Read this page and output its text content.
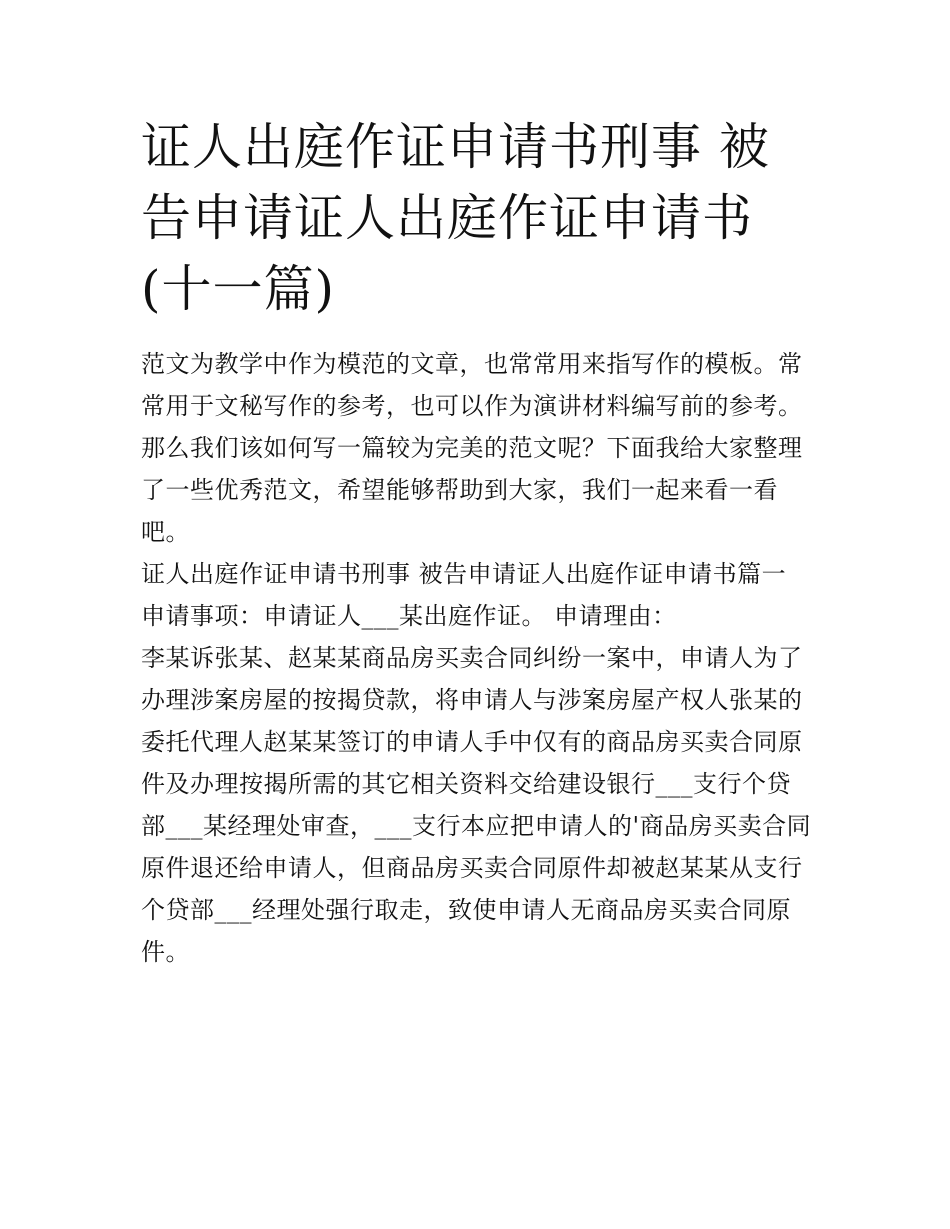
证人出庭作证申请书刑事 被告申请证人出庭作证申请书(十一篇)

范文为教学中作为模范的文章，也常常用来指写作的模板。常常用于文秘写作的参考，也可以作为演讲材料编写前的参考。那么我们该如何写一篇较为完美的范文呢？下面我给大家整理了一些优秀范文，希望能够帮助到大家，我们一起来看一看吧。

证人出庭作证申请书刑事 被告申请证人出庭作证申请书篇一

申请事项：申请证人___某出庭作证。 申请理由：

李某诉张某、赵某某商品房买卖合同纠纷一案中，申请人为了办理涉案房屋的按揭贷款，将申请人与涉案房屋产权人张某的委托代理人赵某某签订的申请人手中仅有的商品房买卖合同原件及办理按揭所需的其它相关资料交给建设银行___支行个贷部___某经理处审查，___支行本应把申请人的'商品房买卖合同原件退还给申请人，但商品房买卖合同原件却被赵某某从支行个贷部___经理处强行取走，致使申请人无商品房买卖合同原件。
